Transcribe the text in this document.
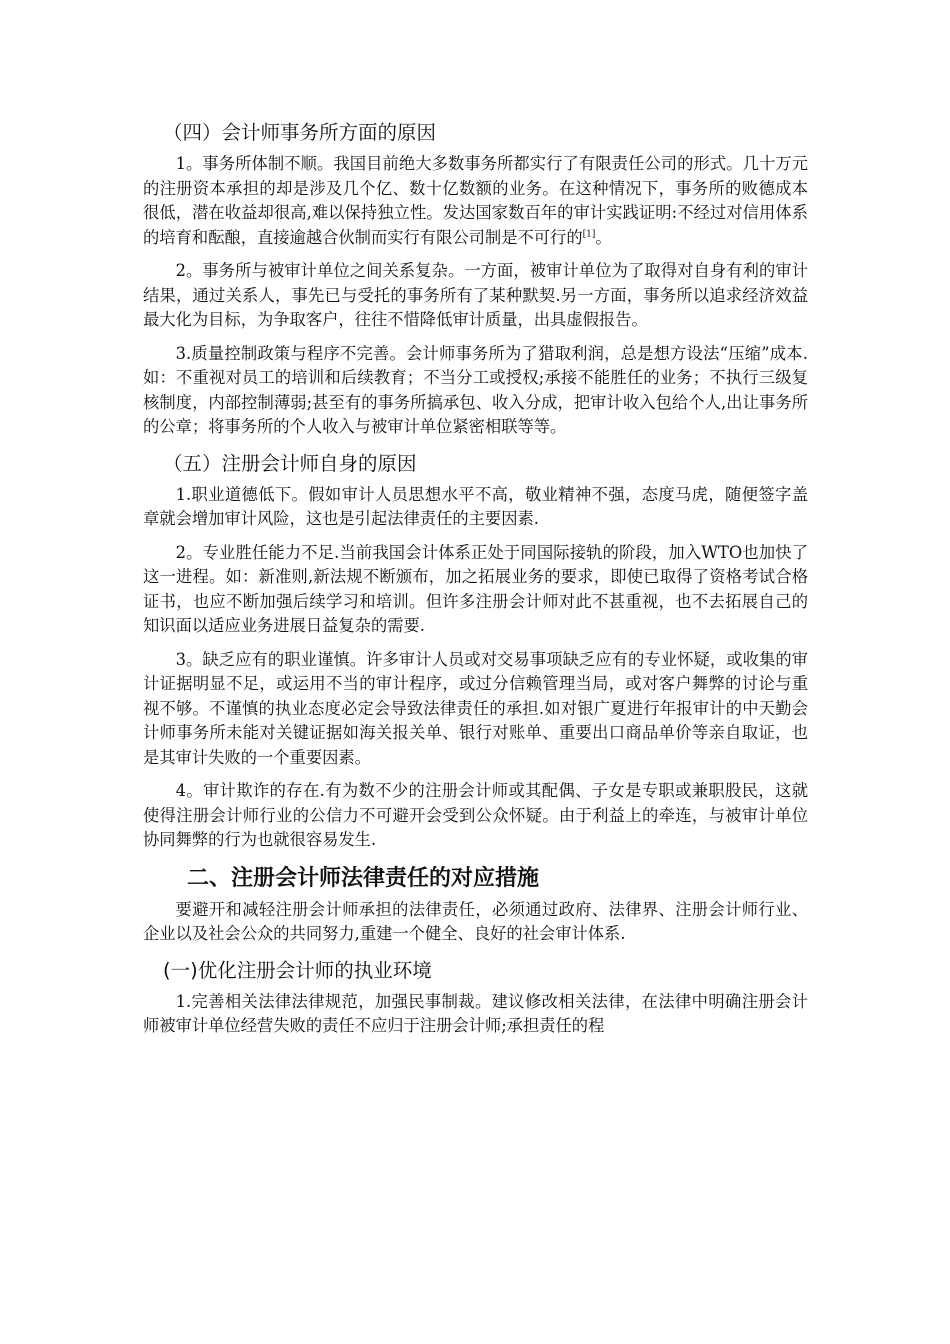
（四）会计师事务所方面的原因

1。事务所体制不顺。我国目前绝大多数事务所都实行了有限责任公司的形式。几十万元的注册资本承担的却是涉及几个亿、数十亿数额的业务。在这种情况下，事务所的败德成本很低，潜在收益却很高,难以保持独立性。发达国家数百年的审计实践证明:不经过对信用体系的培育和酝酿，直接逾越合伙制而实行有限公司制是不可行的[1]。

2。事务所与被审计单位之间关系复杂。一方面，被审计单位为了取得对自身有利的审计结果，通过关系人，事先已与受托的事务所有了某种默契.另一方面，事务所以追求经济效益最大化为目标，为争取客户，往往不惜降低审计质量，出具虚假报告。

3.质量控制政策与程序不完善。会计师事务所为了猎取利润，总是想方设法“压缩”成本.如：不重视对员工的培训和后续教育；不当分工或授权;承接不能胜任的业务；不执行三级复核制度，内部控制薄弱;甚至有的事务所搞承包、收入分成，把审计收入包给个人,出让事务所的公章；将事务所的个人收入与被审计单位紧密相联等等。

（五）注册会计师自身的原因

1.职业道德低下。假如审计人员思想水平不高，敬业精神不强，态度马虎，随便签字盖章就会增加审计风险，这也是引起法律责任的主要因素.

2。专业胜任能力不足.当前我国会计体系正处于同国际接轨的阶段，加入WTO也加快了这一进程。如：新准则,新法规不断颁布，加之拓展业务的要求，即使已取得了资格考试合格证书，也应不断加强后续学习和培训。但许多注册会计师对此不甚重视，也不去拓展自己的知识面以适应业务进展日益复杂的需要.

3。缺乏应有的职业谨慎。许多审计人员或对交易事项缺乏应有的专业怀疑，或收集的审计证据明显不足，或运用不当的审计程序，或过分信赖管理当局，或对客户舞弊的讨论与重视不够。不谨慎的执业态度必定会导致法律责任的承担.如对银广夏进行年报审计的中天勤会计师事务所未能对关键证据如海关报关单、银行对账单、重要出口商品单价等亲自取证，也是其审计失败的一个重要因素。

4。审计欺诈的存在.有为数不少的注册会计师或其配偶、子女是专职或兼职股民，这就使得注册会计师行业的公信力不可避开会受到公众怀疑。由于利益上的牵连，与被审计单位协同舞弊的行为也就很容易发生.

二、注册会计师法律责任的对应措施

要避开和减轻注册会计师承担的法律责任，必须通过政府、法律界、注册会计师行业、企业以及社会公众的共同努力,重建一个健全、良好的社会审计体系.

(一)优化注册会计师的执业环境

1.完善相关法律法律规范，加强民事制裁。建议修改相关法律，在法律中明确注册会计师被审计单位经营失败的责任不应归于注册会计师;承担责任的程
